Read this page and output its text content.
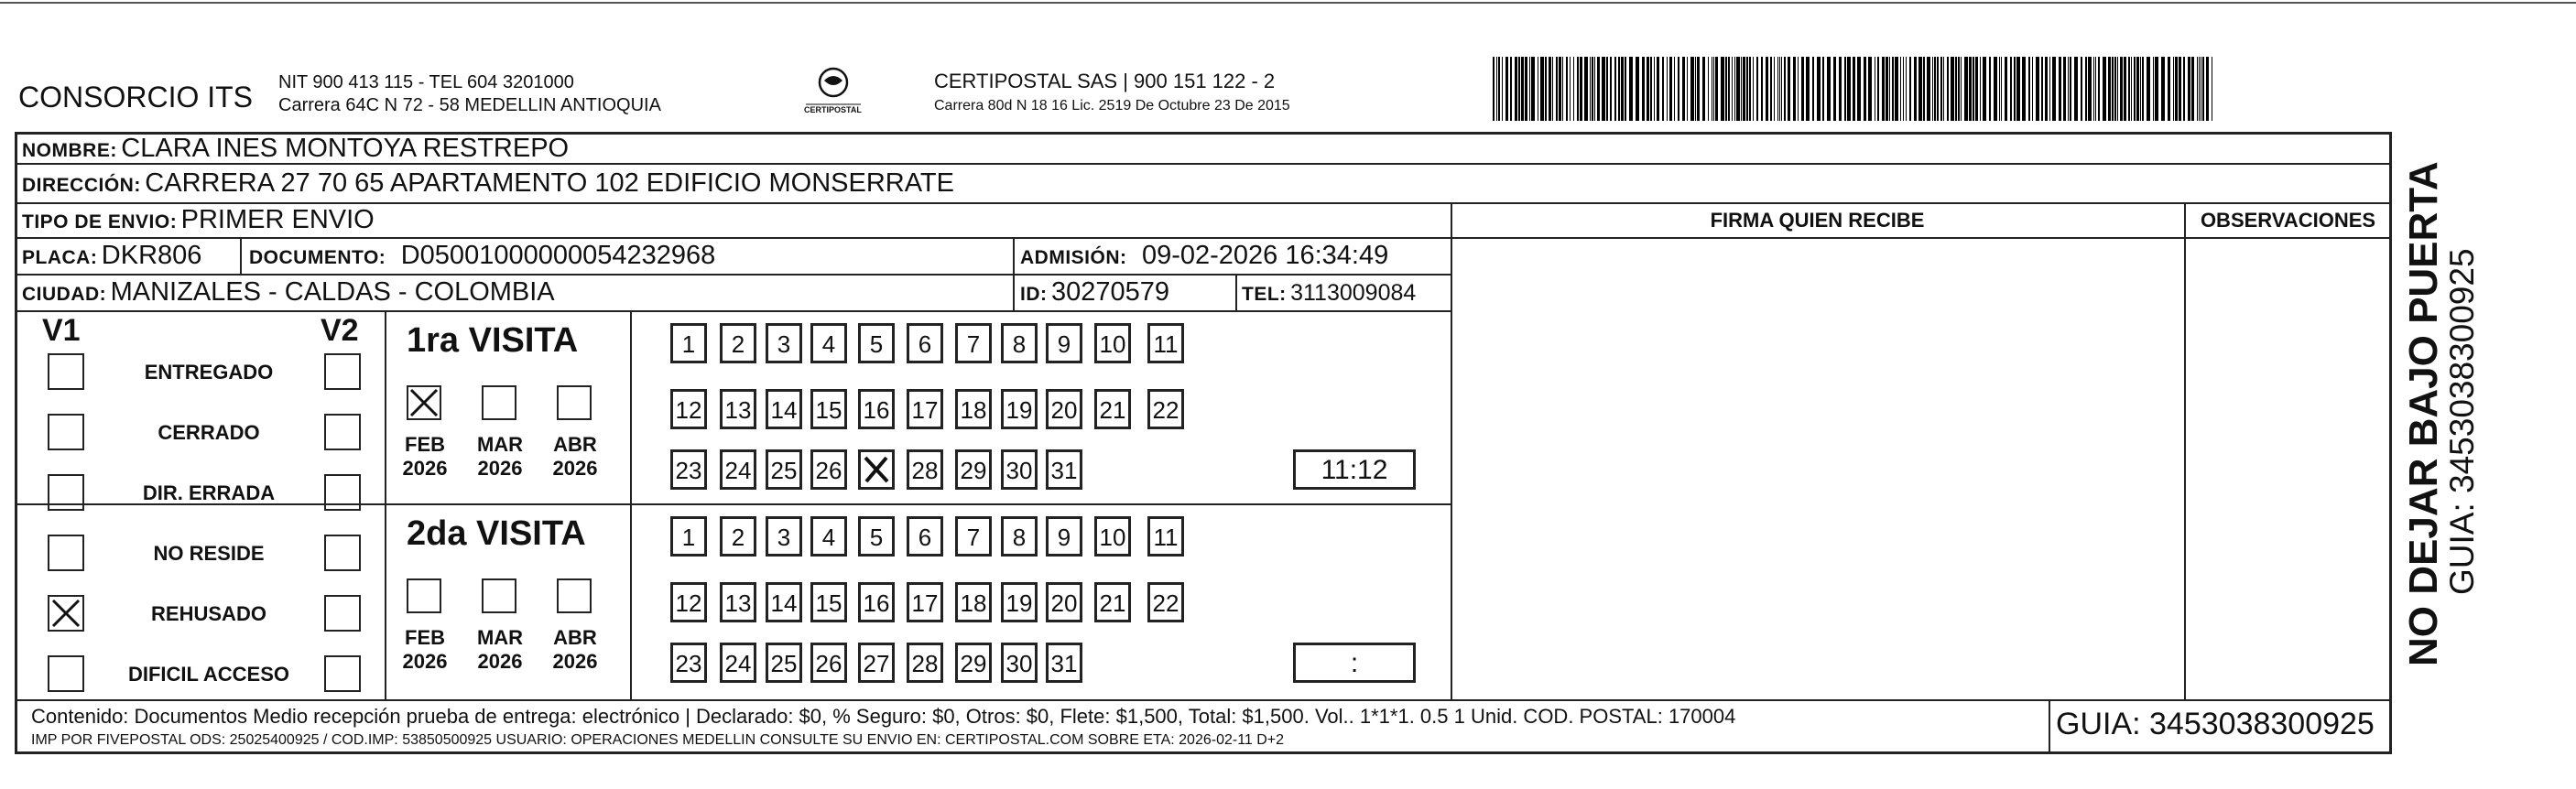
CONSORCIO ITS NIT 900 413 115 - TEL 604 3201000
Carrera 64C N 72 - 58 MEDELLIN ANTIOQUIA	CERTIPOSTAL
CERTIPOSTAL SAS | 900 151 122 - 2
Carrera 80d N 18 16 Lic. 2519 De Octubre 23 De 2015
NOMBRE: CLARA INES MONTOYA RESTREPO
DIRECCIÓN: CARRERA 27 70 65 APARTAMENTO 102 EDIFICIO MONSERRATE
TIPO DE ENVIO: PRIMER ENVIO	FIRMA QUIEN RECIBE	OBSERVACIONES
PLACA: DKR806 DOCUMENTO: D05001000000054232968	ADMISIÓN: 09-02-2026 16:34:49
CIUDAD: MANIZALES - CALDAS - COLOMBIA	ID: 30270579	TEL: 3113009084
V1	V2
ENTREGADO
CERRADO
DIR. ERRADA
NO RESIDE
REHUSADO
DIFICIL ACCESO
1ra VISITA
FEB
2026
MAR
2026
ABR
2026
1	2	3	4	5	6	7	8	9	10 11
12 13 14 15 16 17 18 19 20 21 22
23 24 25 26	28 29 30 31	11:12
2da VISITA
FEB
2026
MAR
2026
ABR
2026
1	2	3	4	5	6	7	8	9	10 11
12 13 14 15 16 17 18 19 20 21 22
23 24 25 26 27 28 29 30 31	:
Contenido: Documentos Medio recepción prueba de entrega: electrónico | Declarado: $0, % Seguro: $0, Otros: $0, Flete: $1,500, Total: $1,500. Vol.. 1*1*1. 0.5 1 Unid. COD. POSTAL: 170004
IMP POR FIVEPOSTAL ODS: 25025400925 / COD.IMP: 53850500925 USUARIO: OPERACIONES MEDELLIN CONSULTE SU ENVIO EN: CERTIPOSTAL.COM SOBRE ETA: 2026-02-11 D+2	GUIA: 3453038300925
NO DEJAR BAJO PUERTA
GUIA: 3453038300925
